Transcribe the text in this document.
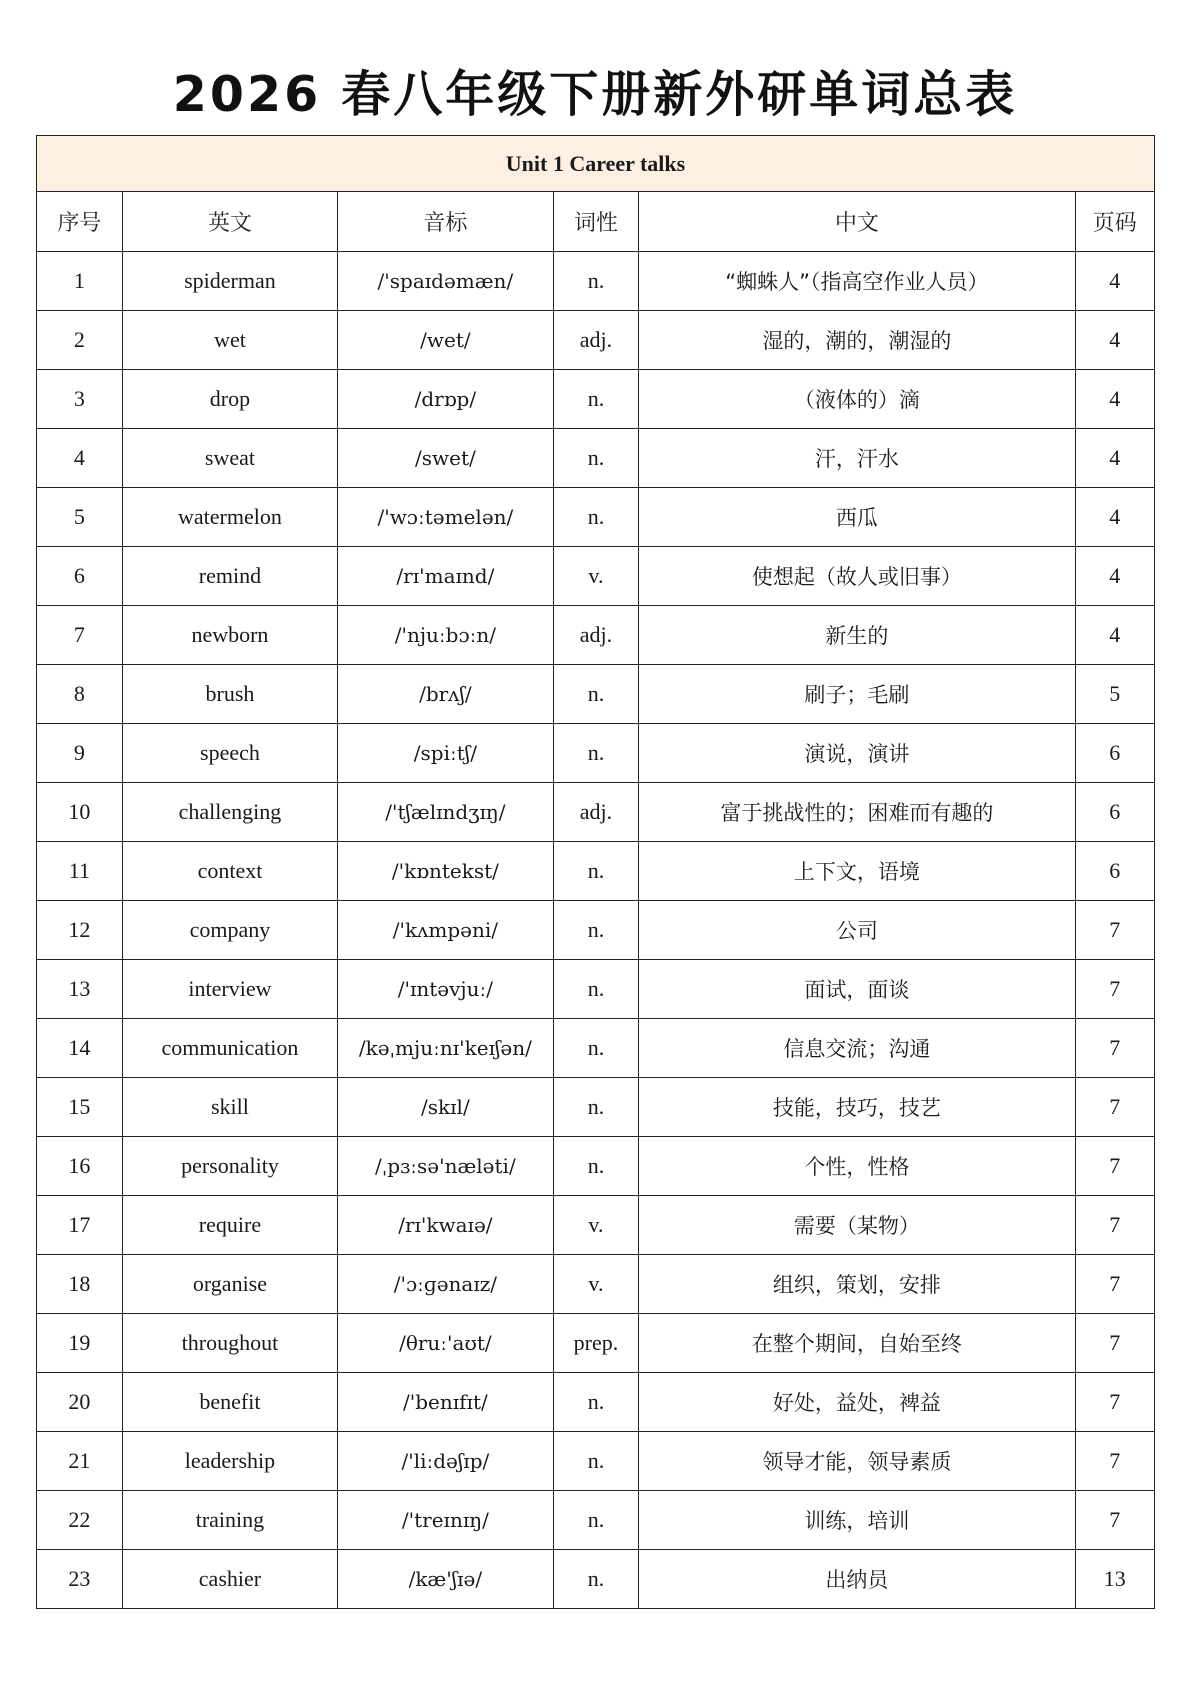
2026 春八年级下册新外研单词总表
Unit 1 Career talks					
序号	英文	音标	词性	中文	页码
1	spiderman	/'spaɪdəmæn/	n.	“蜘蛛人”（指高空作业人员）	4
2	wet	/wet/	adj.	湿的，潮的，潮湿的	4
3	drop	/drɒp/	n.	（液体的）滴	4
4	sweat	/swet/	n.	汗，汗水	4
5	watermelon	/'wɔːtəmelən/	n.	西瓜	4
6	remind	/rɪ'maɪnd/	v.	使想起（故人或旧事）	4
7	newborn	/'njuːbɔːn/	adj.	新生的	4
8	brush	/brʌʃ/	n.	刷子；毛刷	5
9	speech	/spiːtʃ/	n.	演说，演讲	6
10	challenging	/'tʃælɪndʒɪŋ/	adj.	富于挑战性的；困难而有趣的	6
11	context	/'kɒntekst/	n.	上下文，语境	6
12	company	/'kʌmpəni/	n.	公司	7
13	interview	/'ɪntəvjuː/	n.	面试，面谈	7
14	communication	/kəˌmjuːnɪ'keɪʃən/	n.	信息交流；沟通	7
15	skill	/skɪl/	n.	技能，技巧，技艺	7
16	personality	/ˌpɜːsə'næləti/	n.	个性，性格	7
17	require	/rɪ'kwaɪə/	v.	需要（某物）	7
18	organise	/'ɔːɡənaɪz/	v.	组织，策划，安排	7
19	throughout	/θruː'aʊt/	prep.	在整个期间，自始至终	7
20	benefit	/'benɪfɪt/	n.	好处，益处，裨益	7
21	leadership	/'liːdəʃɪp/	n.	领导才能，领导素质	7
22	training	/'treɪnɪŋ/	n.	训练，培训	7
23	cashier	/kæ'ʃɪə/	n.	出纳员	13
